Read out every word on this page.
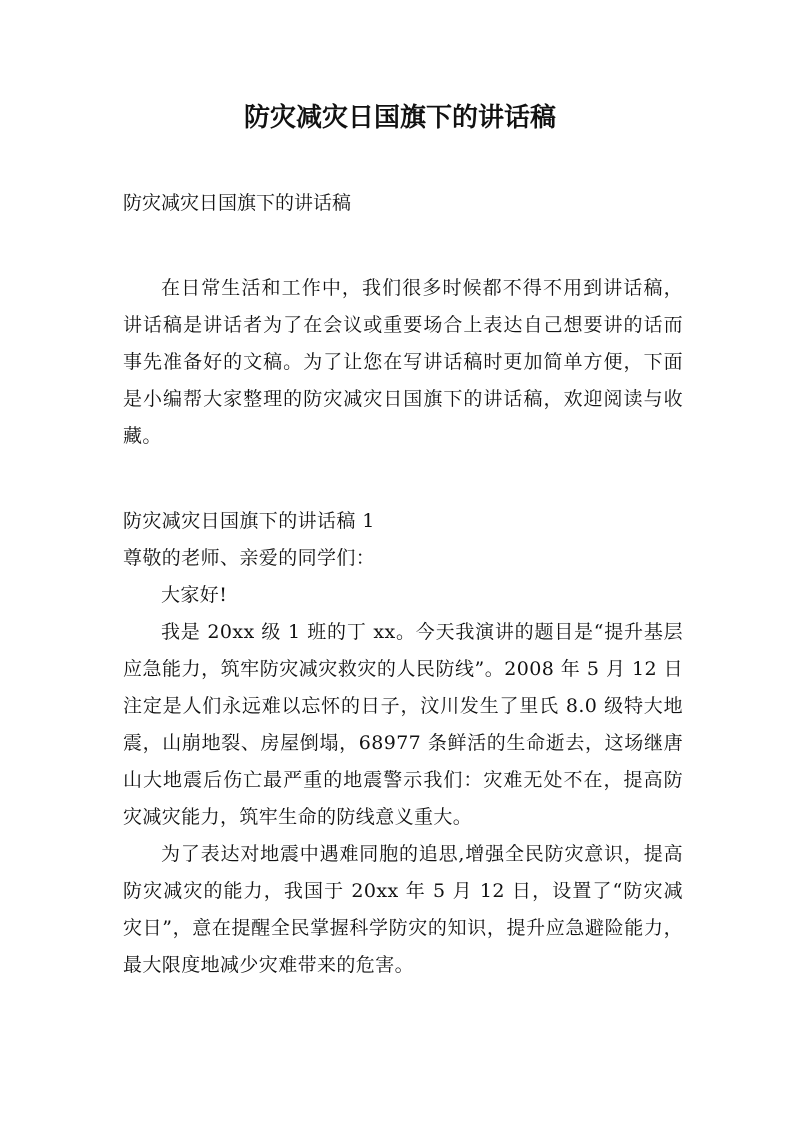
防灾减灾日国旗下的讲话稿

防灾减灾日国旗下的讲话稿

在日常生活和工作中，我们很多时候都不得不用到讲话稿，讲话稿是讲话者为了在会议或重要场合上表达自己想要讲的话而事先准备好的文稿。为了让您在写讲话稿时更加简单方便，下面是小编帮大家整理的防灾减灾日国旗下的讲话稿，欢迎阅读与收藏。

防灾减灾日国旗下的讲话稿 1

尊敬的老师、亲爱的同学们：

大家好!

我是 20xx 级 1 班的丁 xx。今天我演讲的题目是“提升基层应急能力，筑牢防灾减灾救灾的人民防线”。2008 年 5 月 12 日注定是人们永远难以忘怀的日子，汶川发生了里氏 8.0 级特大地震，山崩地裂、房屋倒塌，68977 条鲜活的生命逝去，这场继唐山大地震后伤亡最严重的地震警示我们：灾难无处不在，提高防灾减灾能力，筑牢生命的防线意义重大。

为了表达对地震中遇难同胞的追思,增强全民防灾意识，提高防灾减灾的能力，我国于 20xx 年 5 月 12 日，设置了“防灾减灾日”，意在提醒全民掌握科学防灾的知识，提升应急避险能力，最大限度地减少灾难带来的危害。
